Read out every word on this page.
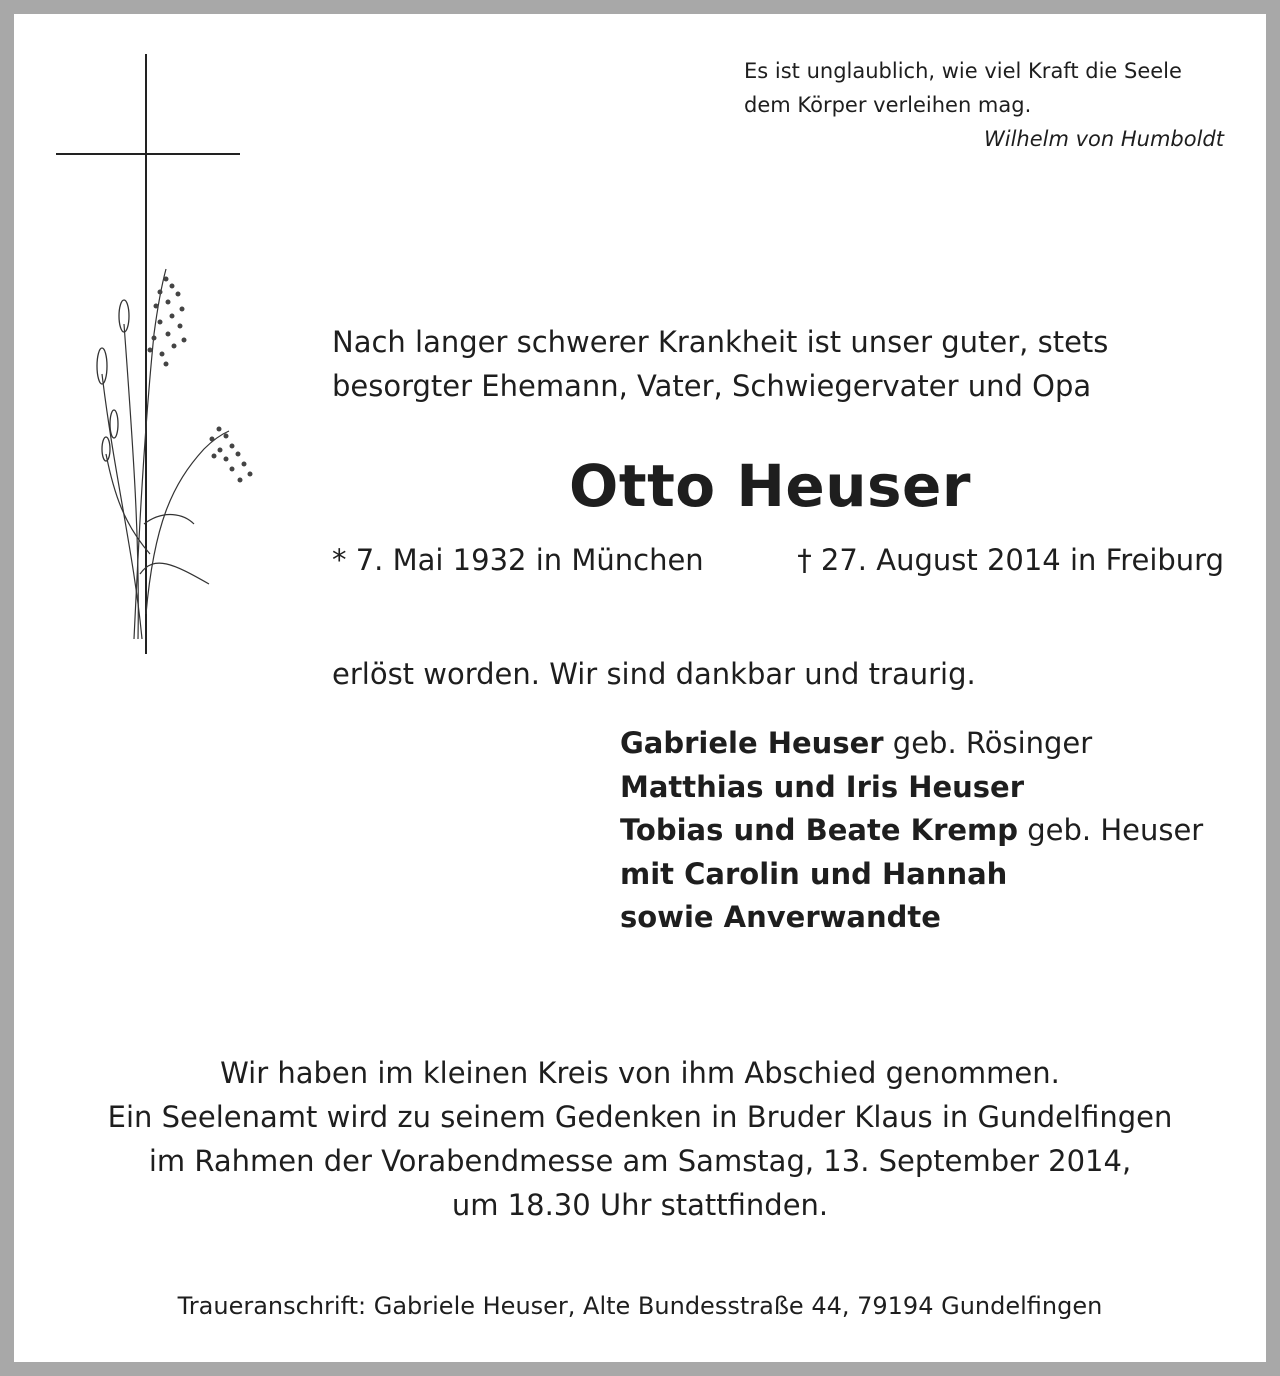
Es ist unglaublich, wie viel Kraft die Seele
dem Körper verleihen mag.
Wilhelm von Humboldt
Nach langer schwerer Krankheit ist unser guter, stets
besorgter Ehemann, Vater, Schwiegervater und Opa
Otto Heuser
* 7. Mai 1932 in München	† 27. August 2014 in Freiburg
erlöst worden. Wir sind dankbar und traurig.
Gabriele Heuser geb. Rösinger
Matthias und Iris Heuser
Tobias und Beate Kremp geb. Heuser
mit Carolin und Hannah
sowie Anverwandte
Wir haben im kleinen Kreis von ihm Abschied genommen.
Ein Seelenamt wird zu seinem Gedenken in Bruder Klaus in Gundelfingen
im Rahmen der Vorabendmesse am Samstag, 13. September 2014,
um 18.30 Uhr stattfinden.
Traueranschrift: Gabriele Heuser, Alte Bundesstraße 44, 79194 Gundelfingen
